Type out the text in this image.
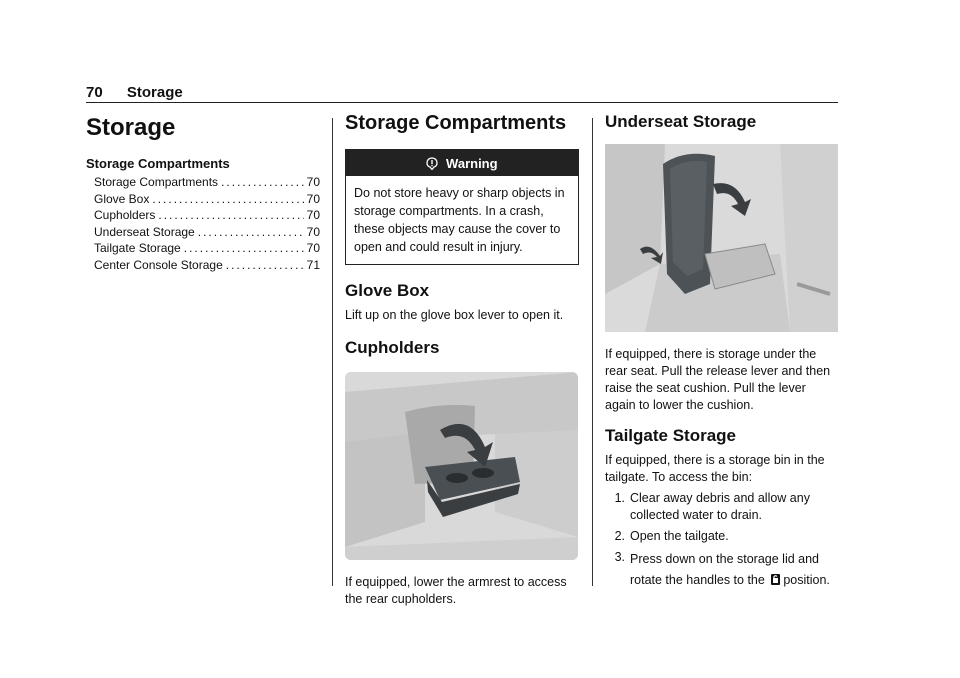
70 Storage
Storage
Storage Compartments
Storage Compartments .....	70
Glove Box .....	70
Cupholders .....	70
Underseat Storage .....	70
Tailgate Storage .....	70
Center Console Storage .....	71
Storage Compartments
Warning
Do not store heavy or sharp objects in storage compartments. In a crash, these objects may cause the cover to open and could result in injury.
Glove Box

Lift up on the glove box lever to open it.

Cupholders

If equipped, lower the armrest to access the rear cupholders.

Underseat Storage

If equipped, there is storage under the rear seat. Pull the release lever and then raise the seat cushion. Pull the lever again to lower the cushion.

Tailgate Storage

If equipped, there is a storage bin in the tailgate. To access the bin:

1. Clear away debris and allow any collected water to drain.
2. Open the tailgate.
3. Press down on the storage lid and rotate the handles to the position.
